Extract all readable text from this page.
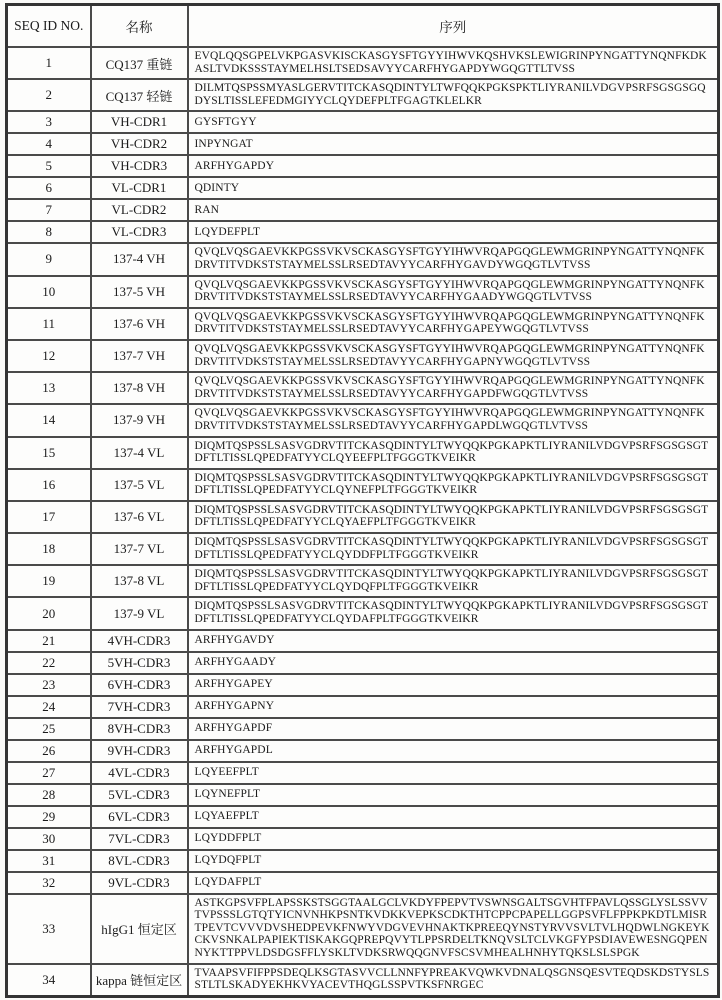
SEQ ID NO.	名称	序列
1	CQ137 重链	EVQLQQSGPELVKPGASVKISCKASGYSFTGYYIHWVKQSHVKSLEWIGRINPYNGATTYNQNFKDKASLTVDKSSSTAYMELHSLTSEDSAVYYCARFHYGAPDYWGQGTTLTVSS
2	CQ137 轻链	DILMTQSPSSMYASLGERVTITCKASQDINTYLTWFQQKPGKSPKTLIYRANILVDGVPSRFSGSGSGQDYSLTISSLEFEDMGIYYCLQYDEFPLTFGAGTKLELKR
3	VH-CDR1	GYSFTGYY
4	VH-CDR2	INPYNGAT
5	VH-CDR3	ARFHYGAPDY
6	VL-CDR1	QDINTY
7	VL-CDR2	RAN
8	VL-CDR3	LQYDEFPLT
9	137-4 VH	QVQLVQSGAEVKKPGSSVKVSCKASGYSFTGYYIHWVRQAPGQGLEWMGRINPYNGATTYNQNFKDRVTITVDKSTSTAYMELSSLRSEDTAVYYCARFHYGAVDYWGQGTLVTVSS
10	137-5 VH	QVQLVQSGAEVKKPGSSVKVSCKASGYSFTGYYIHWVRQAPGQGLEWMGRINPYNGATTYNQNFKDRVTITVDKSTSTAYMELSSLRSEDTAVYYCARFHYGAADYWGQGTLVTVSS
11	137-6 VH	QVQLVQSGAEVKKPGSSVKVSCKASGYSFTGYYIHWVRQAPGQGLEWMGRINPYNGATTYNQNFKDRVTITVDKSTSTAYMELSSLRSEDTAVYYCARFHYGAPEYWGQGTLVTVSS
12	137-7 VH	QVQLVQSGAEVKKPGSSVKVSCKASGYSFTGYYIHWVRQAPGQGLEWMGRINPYNGATTYNQNFKDRVTITVDKSTSTAYMELSSLRSEDTAVYYCARFHYGAPNYWGQGTLVTVSS
13	137-8 VH	QVQLVQSGAEVKKPGSSVKVSCKASGYSFTGYYIHWVRQAPGQGLEWMGRINPYNGATTYNQNFKDRVTITVDKSTSTAYMELSSLRSEDTAVYYCARFHYGAPDFWGQGTLVTVSS
14	137-9 VH	QVQLVQSGAEVKKPGSSVKVSCKASGYSFTGYYIHWVRQAPGQGLEWMGRINPYNGATTYNQNFKDRVTITVDKSTSTAYMELSSLRSEDTAVYYCARFHYGAPDLWGQGTLVTVSS
15	137-4 VL	DIQMTQSPSSLSASVGDRVTITCKASQDINTYLTWYQQKPGKAPKTLIYRANILVDGVPSRFSGSGSGTDFTLTISSLQPEDFATYYCLQYEEFPLTFGGGTKVEIKR
16	137-5 VL	DIQMTQSPSSLSASVGDRVTITCKASQDINTYLTWYQQKPGKAPKTLIYRANILVDGVPSRFSGSGSGTDFTLTISSLQPEDFATYYCLQYNEFPLTFGGGTKVEIKR
17	137-6 VL	DIQMTQSPSSLSASVGDRVTITCKASQDINTYLTWYQQKPGKAPKTLIYRANILVDGVPSRFSGSGSGTDFTLTISSLQPEDFATYYCLQYAEFPLTFGGGTKVEIKR
18	137-7 VL	DIQMTQSPSSLSASVGDRVTITCKASQDINTYLTWYQQKPGKAPKTLIYRANILVDGVPSRFSGSGSGTDFTLTISSLQPEDFATYYCLQYDDFPLTFGGGTKVEIKR
19	137-8 VL	DIQMTQSPSSLSASVGDRVTITCKASQDINTYLTWYQQKPGKAPKTLIYRANILVDGVPSRFSGSGSGTDFTLTISSLQPEDFATYYCLQYDQFPLTFGGGTKVEIKR
20	137-9 VL	DIQMTQSPSSLSASVGDRVTITCKASQDINTYLTWYQQKPGKAPKTLIYRANILVDGVPSRFSGSGSGTDFTLTISSLQPEDFATYYCLQYDAFPLTFGGGTKVEIKR
21	4VH-CDR3	ARFHYGAVDY
22	5VH-CDR3	ARFHYGAADY
23	6VH-CDR3	ARFHYGAPEY
24	7VH-CDR3	ARFHYGAPNY
25	8VH-CDR3	ARFHYGAPDF
26	9VH-CDR3	ARFHYGAPDL
27	4VL-CDR3	LQYEEFPLT
28	5VL-CDR3	LQYNEFPLT
29	6VL-CDR3	LQYAEFPLT
30	7VL-CDR3	LQYDDFPLT
31	8VL-CDR3	LQYDQFPLT
32	9VL-CDR3	LQYDAFPLT
33	hIgG1 恒定区	ASTKGPSVFPLAPSSKSTSGGTAALGCLVKDYFPEPVTVSWNSGALTSGVHTFPAVLQSSGLYSLSSVVTVPSSSLGTQTYICNVNHKPSNTKVDKKVEPKSCDKTHTCPPCPAPELLGGPSVFLFPPKPKDTLMISRTPEVTCVVVDVSHEDPEVKFNWYVDGVEVHNAKTKPREEQYNSTYRVVSVLTVLHQDWLNGKEYKCKVSNKALPAPIEKTISKAKGQPREPQVYTLPPSRDELTKNQVSLTCLVKGFYPSDIAVEWESNGQPENNYKTTPPVLDSDGSFFLYSKLTVDKSRWQQGNVFSCSVMHEALHNHYTQKSLSLSPGK
34	kappa 链恒定区	TVAAPSVFIFPPSDEQLKSGTASVVCLLNNFYPREAKVQWKVDNALQSGNSQESVTEQDSKDSTYSLSSTLTLSKADYEKHKVYACEVTHQGLSSPVTKSFNRGEC
